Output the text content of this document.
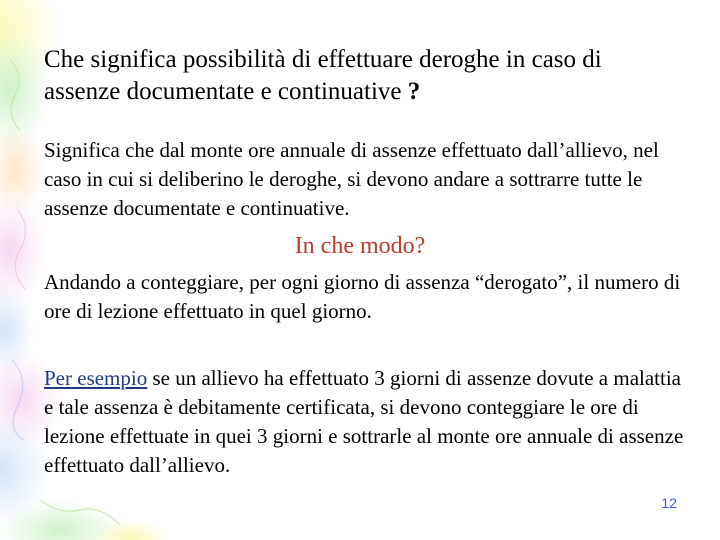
Che significa possibilità di effettuare deroghe in caso di assenze documentate e continuative ?

Significa che dal monte ore annuale di assenze effettuato dall’allievo, nel caso in cui si deliberino le deroghe, si devono andare a sottrarre tutte le assenze documentate e continuative.

In che modo?

Andando a conteggiare, per ogni giorno di assenza “derogato”, il numero di ore di lezione effettuato in quel giorno.

Per esempio se un allievo ha effettuato 3 giorni di assenze dovute a malattia e tale assenza è debitamente certificata, si devono conteggiare le ore di lezione effettuate in quei 3 giorni e sottrarle al monte ore annuale di assenze effettuato dall’allievo.

12
